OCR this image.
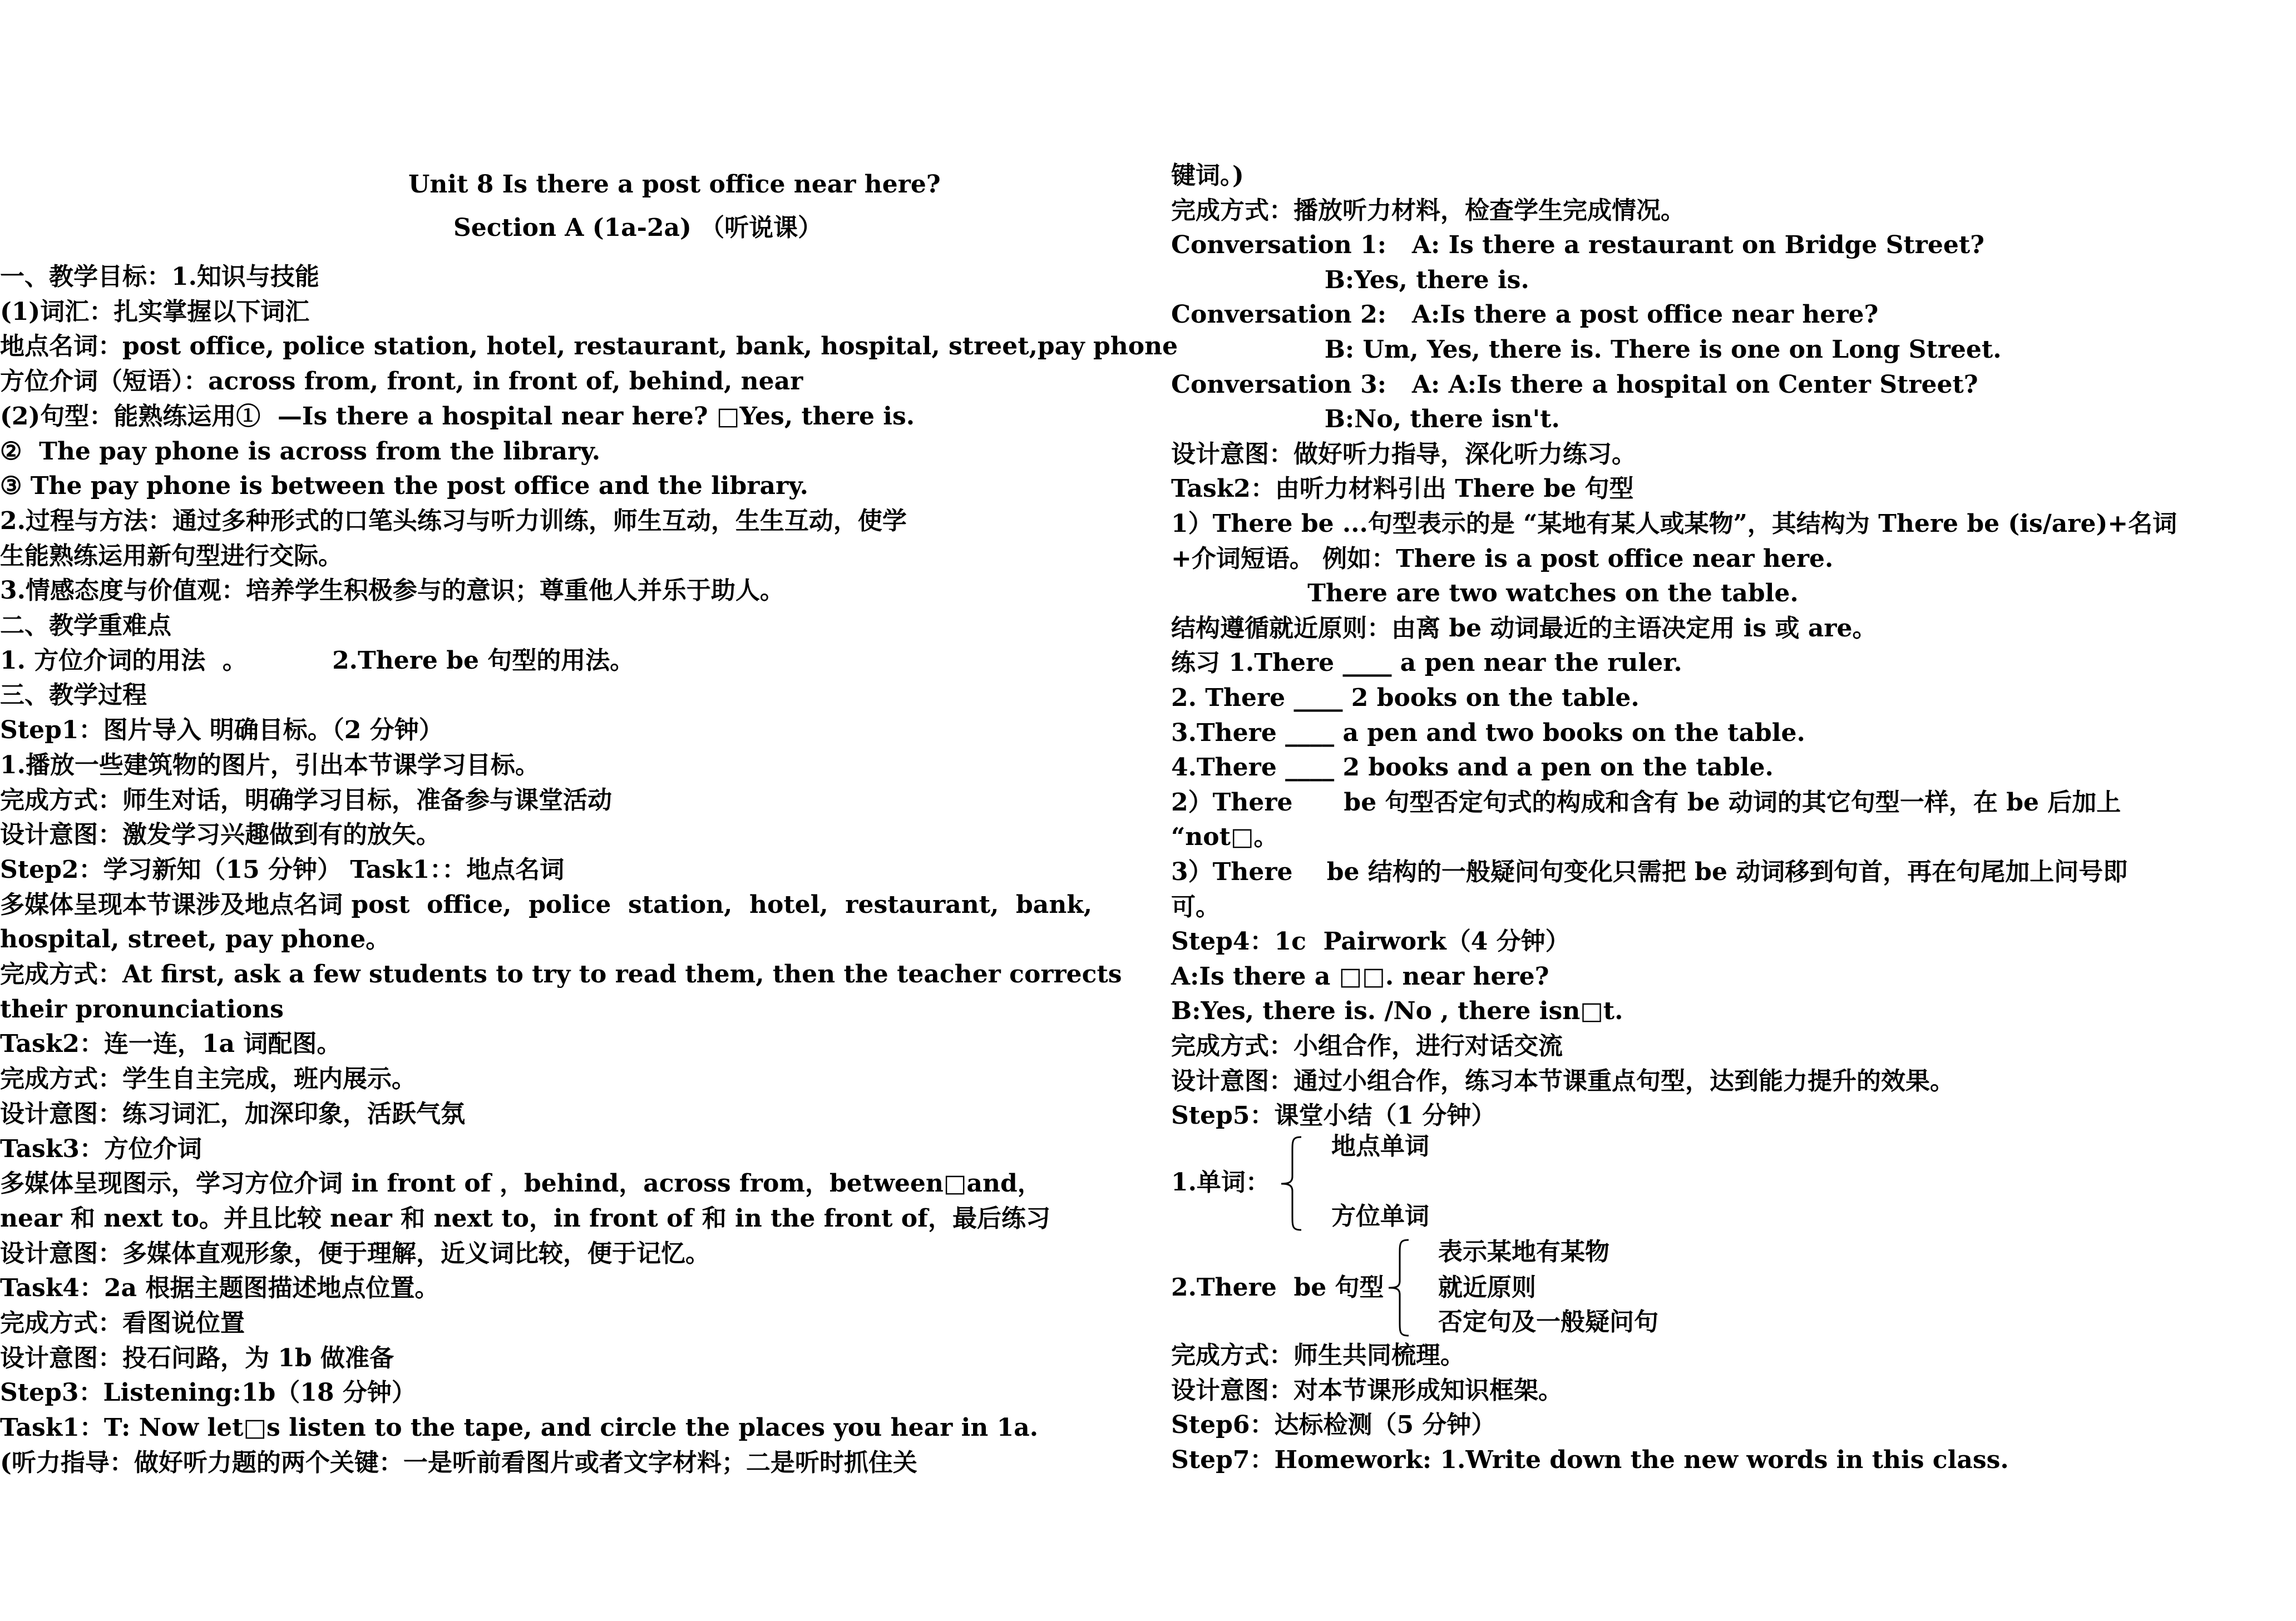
Unit 8 Is there a post office near here?
Section A (1a-2a) （听说课）
一、教学目标：1.知识与技能
(1)词汇：扎实掌握以下词汇
地点名词：post office, police station, hotel, restaurant, bank, hospital, street,pay phone
方位介词（短语）：across from, front, in front of, behind, near
(2)句型：能熟练运用①  —Is there a hospital near here? □Yes, there is.
②  The pay phone is across from the library.
③ The pay phone is between the post office and the library.
2.过程与方法：通过多种形式的口笔头练习与听力训练，师生互动，生生互动，使学
生能熟练运用新句型进行交际。
3.情感态度与价值观：培养学生积极参与的意识；尊重他人并乐于助人。
二、教学重难点
1. 方位介词的用法  。          2.There be 句型的用法。
三、教学过程
Step1：图片导入 明确目标。（2 分钟）
1.播放一些建筑物的图片，引出本节课学习目标。
完成方式：师生对话，明确学习目标，准备参与课堂活动
设计意图：激发学习兴趣做到有的放矢。
Step2：学习新知（15 分钟） Task1：：地点名词
多媒体呈现本节课涉及地点名词 post  office,  police  station,  hotel,  restaurant,  bank,
hospital, street, pay phone。
完成方式：At first, ask a few students to try to read them, then the teacher corrects
their pronunciations
Task2：连一连，1a 词配图。
完成方式：学生自主完成，班内展示。
设计意图：练习词汇，加深印象，活跃气氛
Task3：方位介词
多媒体呈现图示，学习方位介词 in front of ，behind，across from，between□and，
near 和 next to。并且比较 near 和 next to，in front of 和 in the front of，最后练习
设计意图：多媒体直观形象，便于理解，近义词比较，便于记忆。
Task4：2a 根据主题图描述地点位置。
完成方式：看图说位置
设计意图：投石问路，为 1b 做准备
Step3：Listening:1b（18 分钟）
Task1：T: Now let□s listen to the tape, and circle the places you hear in 1a.
(听力指导：做好听力题的两个关键：一是听前看图片或者文字材料；二是听时抓住关
键词。)
完成方式：播放听力材料，检查学生完成情况。
Conversation 1:   A: Is there a restaurant on Bridge Street?
B:Yes, there is.
Conversation 2:   A:Is there a post office near here?
B: Um, Yes, there is. There is one on Long Street.
Conversation 3:   A: A:Is there a hospital on Center Street?
B:No, there isn't.
设计意图：做好听力指导，深化听力练习。
Task2：由听力材料引出 There be 句型
1）There be ...句型表示的是 “某地有某人或某物”，其结构为 There be (is/are)+名词
+介词短语。 例如：There is a post office near here.
There are two watches on the table.
结构遵循就近原则：由离 be 动词最近的主语决定用 is 或 are。
练习 1.There ____ a pen near the ruler.
2. There ____ 2 books on the table.
3.There ____ a pen and two books on the table.
4.There ____ 2 books and a pen on the table.
2）There      be 句型否定句式的构成和含有 be 动词的其它句型一样，在 be 后加上
“not□。
3）There    be 结构的一般疑问句变化只需把 be 动词移到句首，再在句尾加上问号即
可。
Step4：1c  Pairwork（4 分钟）
A:Is there a □□. near here?
B:Yes, there is. /No , there isn□t.
完成方式：小组合作，进行对话交流
设计意图：通过小组合作，练习本节课重点句型，达到能力提升的效果。
Step5：课堂小结（1 分钟）
1.单词：
地点单词
方位单词
2.There  be 句型
表示某地有某物
就近原则
否定句及一般疑问句
完成方式：师生共同梳理。
设计意图：对本节课形成知识框架。
Step6：达标检测（5 分钟）
Step7：Homework: 1.Write down the new words in this class.
